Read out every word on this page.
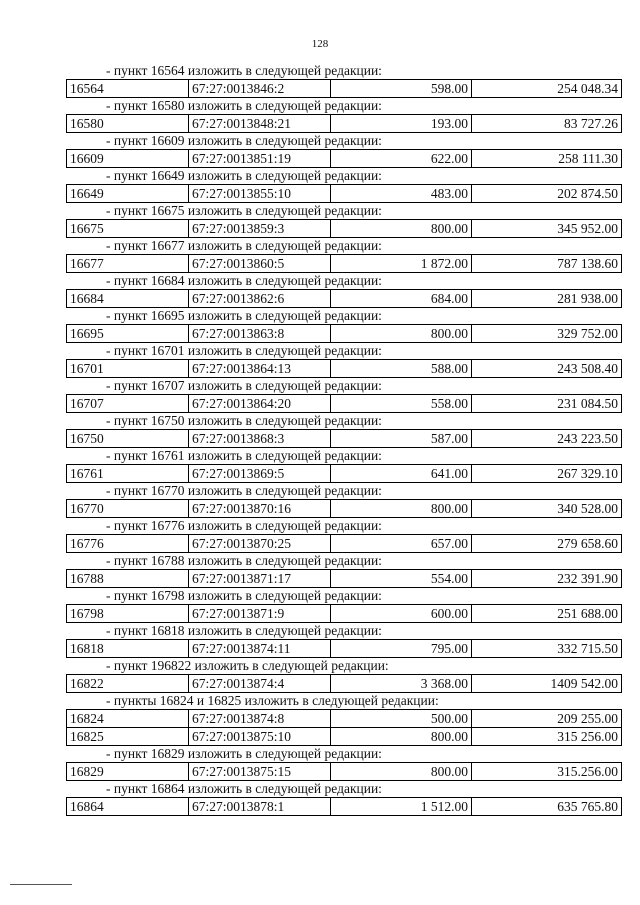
128
- пункт 16564 изложить в следующей редакции:
16564	67:27:0013846:2	598.00	254 048.34
- пункт 16580 изложить в следующей редакции:
16580	67:27:0013848:21	193.00	83 727.26
- пункт 16609 изложить в следующей редакции:
16609	67:27:0013851:19	622.00	258 111.30
- пункт 16649 изложить в следующей редакции:
16649	67:27:0013855:10	483.00	202 874.50
- пункт 16675 изложить в следующей редакции:
16675	67:27:0013859:3	800.00	345 952.00
- пункт 16677 изложить в следующей редакции:
16677	67:27:0013860:5	1 872.00	787 138.60
- пункт 16684 изложить в следующей редакции:
16684	67:27:0013862:6	684.00	281 938.00
- пункт 16695 изложить в следующей редакции:
16695	67:27:0013863:8	800.00	329 752.00
- пункт 16701 изложить в следующей редакции:
16701	67:27:0013864:13	588.00	243 508.40
- пункт 16707 изложить в следующей редакции:
16707	67:27:0013864:20	558.00	231 084.50
- пункт 16750 изложить в следующей редакции:
16750	67:27:0013868:3	587.00	243 223.50
- пункт 16761 изложить в следующей редакции:
16761	67:27:0013869:5	641.00	267 329.10
- пункт 16770 изложить в следующей редакции:
16770	67:27:0013870:16	800.00	340 528.00
- пункт 16776 изложить в следующей редакции:
16776	67:27:0013870:25	657.00	279 658.60
- пункт 16788 изложить в следующей редакции:
16788	67:27:0013871:17	554.00	232 391.90
- пункт 16798 изложить в следующей редакции:
16798	67:27:0013871:9	600.00	251 688.00
- пункт 16818 изложить в следующей редакции:
16818	67:27:0013874:11	795.00	332 715.50
- пункт 196822 изложить в следующей редакции:
16822	67:27:0013874:4	3 368.00	1409 542.00
- пункты 16824 и 16825 изложить в следующей редакции:
16824	67:27:0013874:8	500.00	209 255.00
16825	67:27:0013875:10	800.00	315 256.00
- пункт 16829 изложить в следующей редакции:
16829	67:27:0013875:15	800.00	315.256.00
- пункт 16864 изложить в следующей редакции:
16864	67:27:0013878:1	1 512.00	635 765.80
